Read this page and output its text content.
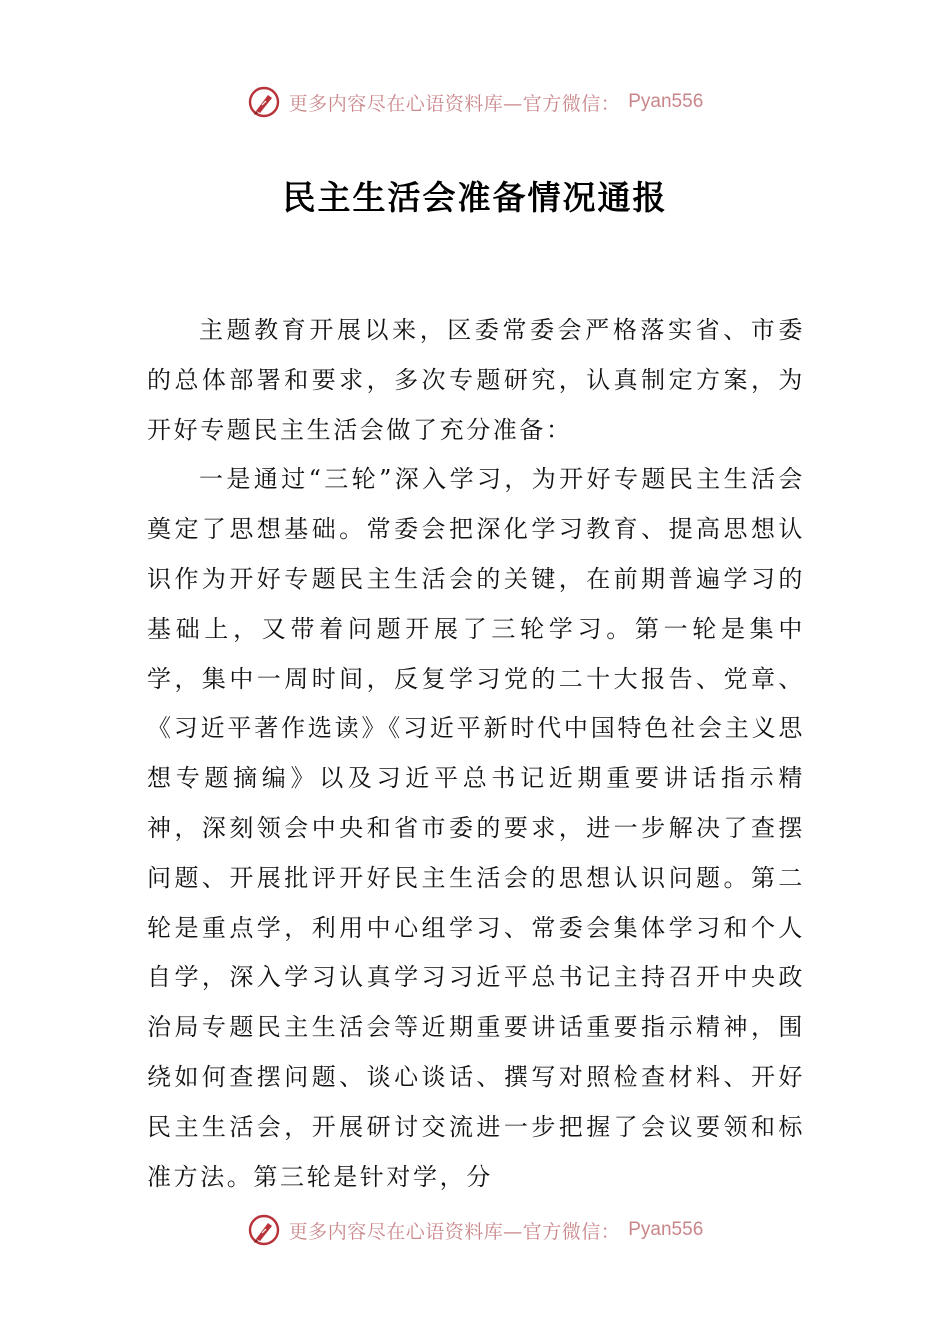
更多内容尽在心语资料库—官方微信： Pyan556
民主生活会准备情况通报

主题教育开展以来，区委常委会严格落实省、市委的总体部署和要求，多次专题研究，认真制定方案，为开好专题民主生活会做了充分准备：

一是通过“三轮”深入学习，为开好专题民主生活会奠定了思想基础。常委会把深化学习教育、提高思想认识作为开好专题民主生活会的关键，在前期普遍学习的基础上，又带着问题开展了三轮学习。第一轮是集中学，集中一周时间，反复学习党的二十大报告、党章、《习近平著作选读》《习近平新时代中国特色社会主义思想专题摘编》以及习近平总书记近期重要讲话指示精神，深刻领会中央和省市委的要求，进一步解决了查摆问题、开展批评开好民主生活会的思想认识问题。第二轮是重点学，利用中心组学习、常委会集体学习和个人自学，深入学习认真学习习近平总书记主持召开中央政治局专题民主生活会等近期重要讲话重要指示精神，围绕如何查摆问题、谈心谈话、撰写对照检查材料、开好民主生活会，开展研讨交流进一步把握了会议要领和标准方法。第三轮是针对学，分

更多内容尽在心语资料库—官方微信： Pyan556
